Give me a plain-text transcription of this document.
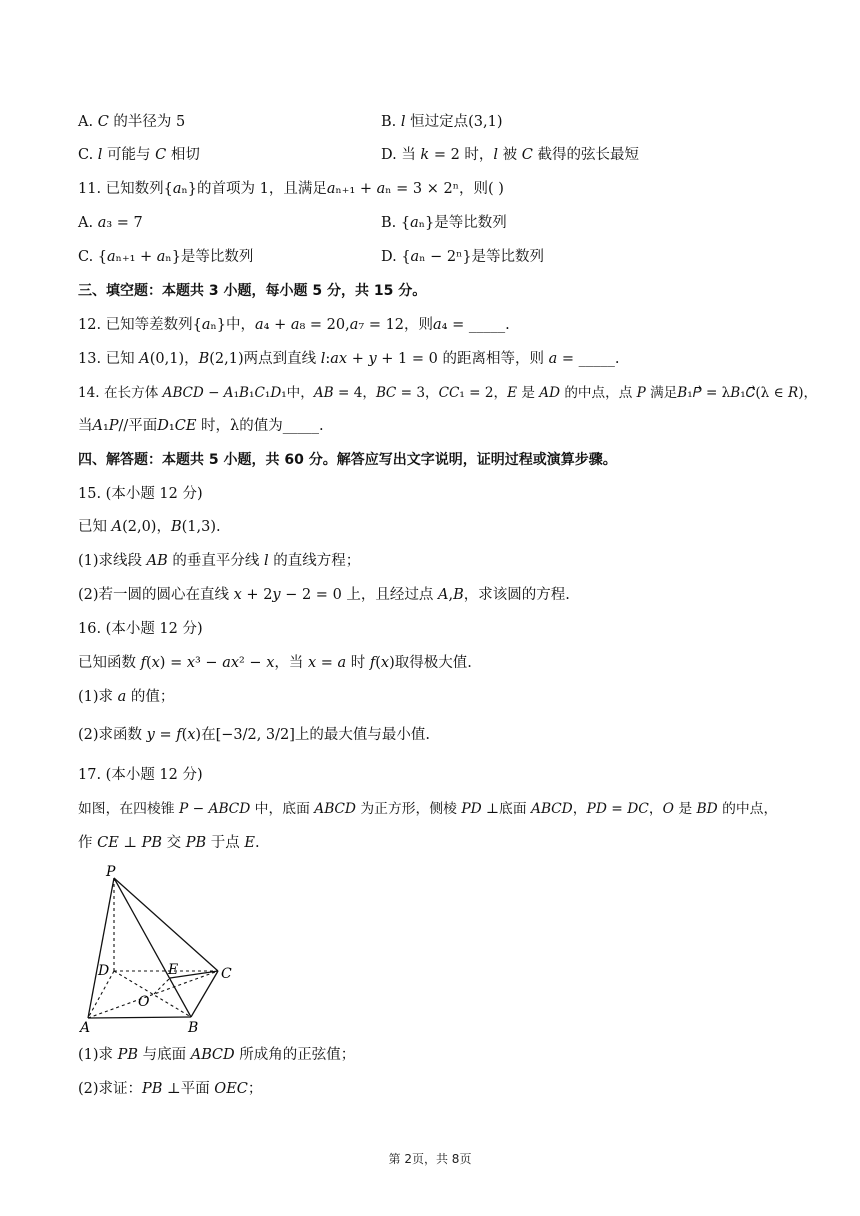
A. 𝐶 的半径为 5	B. 𝑙 恒过定点(3,1)
C. 𝑙 可能与 𝐶 相切	D. 当 𝑘 = 2 时，𝑙 被 𝐶 截得的弦长最短
11. 已知数列{𝑎ₙ}的首项为 1，且满足𝑎ₙ₊₁ + 𝑎ₙ = 3 × 2ⁿ，则( )
A. 𝑎₃ = 7	B. {𝑎ₙ}是等比数列
C. {𝑎ₙ₊₁ + 𝑎ₙ}是等比数列	D. {𝑎ₙ − 2ⁿ}是等比数列
三、填空题：本题共 3 小题，每小题 5 分，共 15 分。
12. 已知等差数列{𝑎ₙ}中，𝑎₄ + 𝑎₈ = 20,𝑎₇ = 12，则𝑎₄ = _____.
13. 已知 𝐴(0,1)，𝐵(2,1)两点到直线 𝑙:𝑎𝑥 + 𝑦 + 1 = 0 的距离相等，则 𝑎 = _____.
14. 在长方体 𝐴𝐵𝐶𝐷 − 𝐴₁𝐵₁𝐶₁𝐷₁中，𝐴𝐵 = 4，𝐵𝐶 = 3，𝐶𝐶₁ = 2，𝐸 是 𝐴𝐷 的中点，点 𝑃 满足𝐵₁𝑃⃗ = λ𝐵₁𝐶⃗(λ ∈ 𝑅)，
当𝐴₁𝑃//平面𝐷₁𝐶𝐸 时，λ的值为_____.
四、解答题：本题共 5 小题，共 60 分。解答应写出文字说明，证明过程或演算步骤。
15. (本小题 12 分)
已知 𝐴(2,0)，𝐵(1,3).
(1)求线段 𝐴𝐵 的垂直平分线 𝑙 的直线方程；
(2)若一圆的圆心在直线 𝑥 + 2𝑦 − 2 = 0 上，且经过点 𝐴,𝐵，求该圆的方程.
16. (本小题 12 分)
已知函数 𝑓(𝑥) = 𝑥³ − 𝑎𝑥² − 𝑥，当 𝑥 = 𝑎 时 𝑓(𝑥)取得极大值.
(1)求 𝑎 的值；
(2)求函数 𝑦 = 𝑓(𝑥)在[−3/2, 3/2]上的最大值与最小值.
17. (本小题 12 分)
如图，在四棱锥 𝑃 − 𝐴𝐵𝐶𝐷 中，底面 𝐴𝐵𝐶𝐷 为正方形，侧棱 𝑃𝐷 ⊥底面 𝐴𝐵𝐶𝐷，𝑃𝐷 = 𝐷𝐶，𝑂 是 𝐵𝐷 的中点，
作 𝐶𝐸 ⊥ 𝑃𝐵 交 𝑃𝐵 于点 𝐸.
P
D	E	C
O
A	B
(1)求 𝑃𝐵 与底面 𝐴𝐵𝐶𝐷 所成角的正弦值；
(2)求证：𝑃𝐵 ⊥平面 𝑂𝐸𝐶；
第 2页，共 8页
